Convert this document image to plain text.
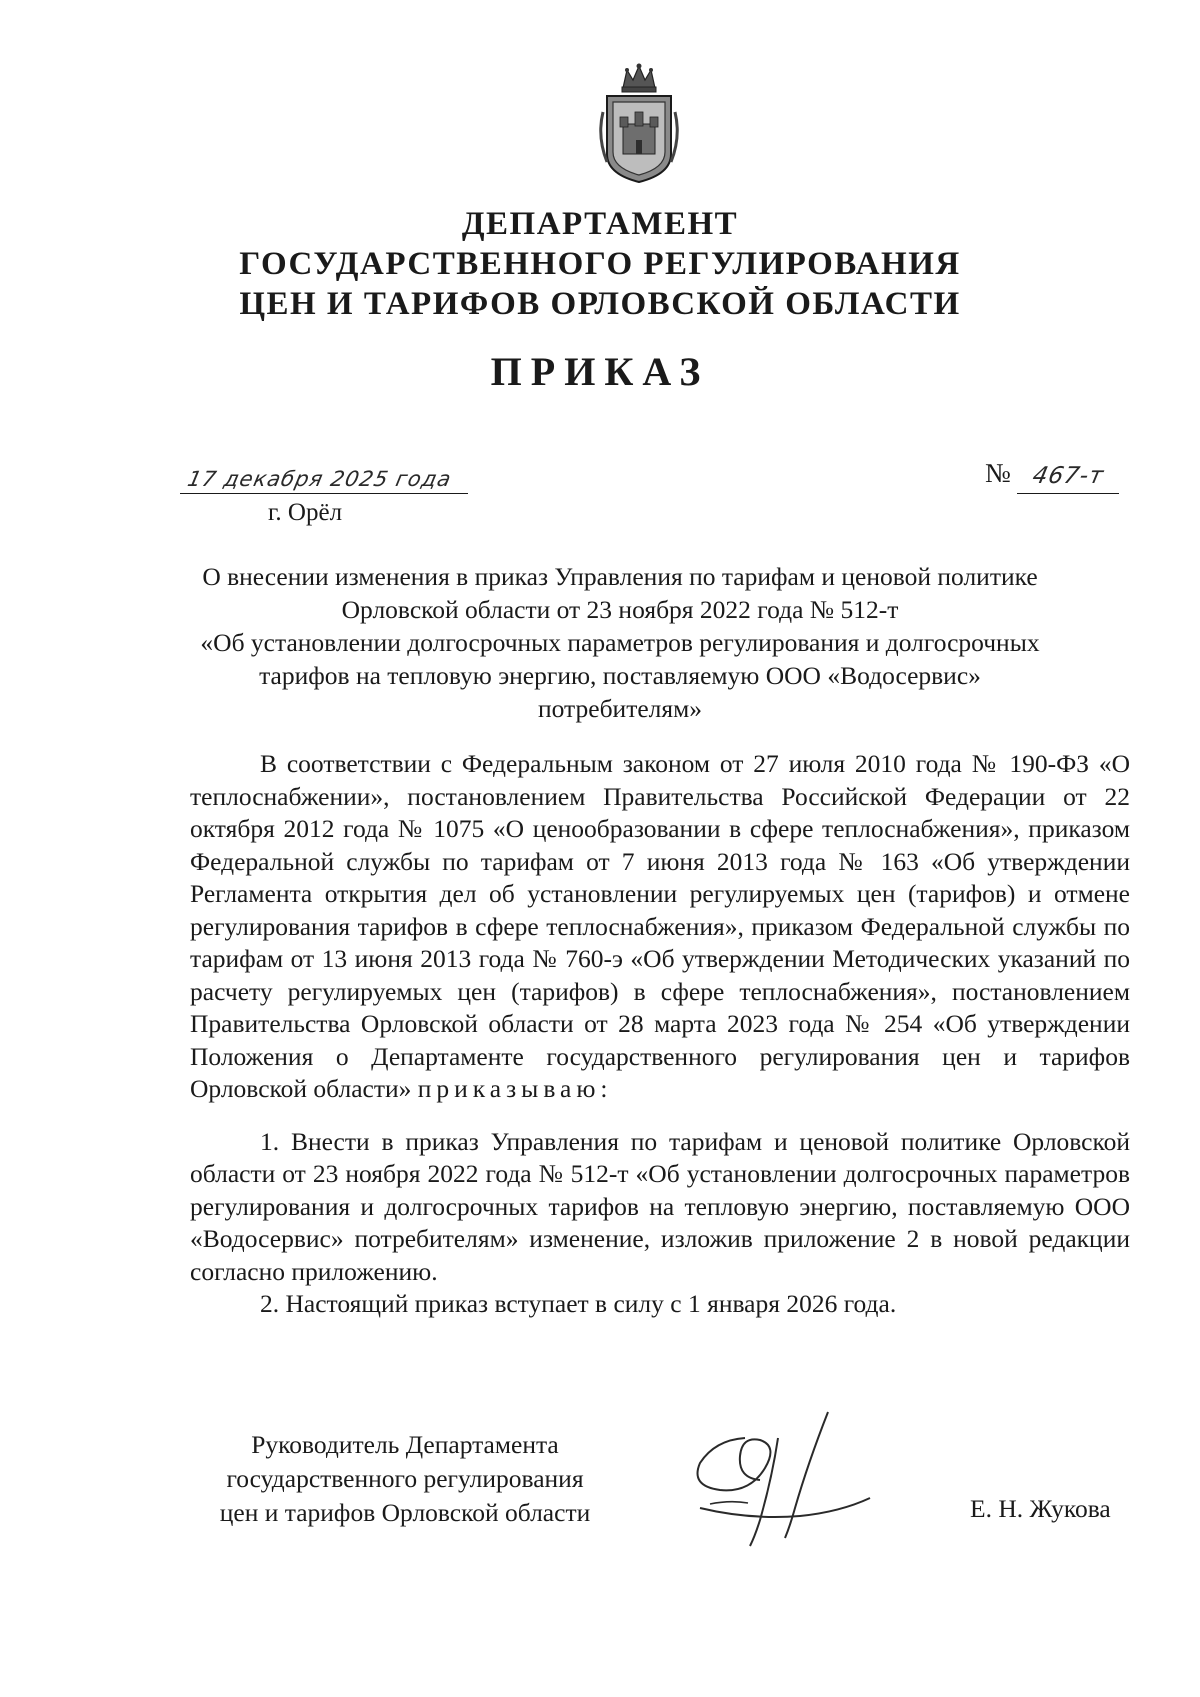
ДЕПАРТАМЕНТ
ГОСУДАРСТВЕННОГО РЕГУЛИРОВАНИЯ
ЦЕН И ТАРИФОВ ОРЛОВСКОЙ ОБЛАСТИ
ПРИКАЗ
17 декабря 2025 года
г. Орёл
№ 467-т
О внесении изменения в приказ Управления по тарифам и ценовой политике
Орловской области от 23 ноября 2022 года № 512-т
«Об установлении долгосрочных параметров регулирования и долгосрочных
тарифов на тепловую энергию, поставляемую ООО «Водосервис»
потребителям»

В соответствии с Федеральным законом от 27 июля 2010 года № 190-ФЗ «О теплоснабжении», постановлением Правительства Российской Федерации от 22 октября 2012 года № 1075 «О ценообразовании в сфере теплоснабжения», приказом Федеральной службы по тарифам от 7 июня 2013 года № 163 «Об утверждении Регламента открытия дел об установлении регулируемых цен (тарифов) и отмене регулирования тарифов в сфере теплоснабжения», приказом Федеральной службы по тарифам от 13 июня 2013 года № 760-э «Об утверждении Методических указаний по расчету регулируемых цен (тарифов) в сфере теплоснабжения», постановлением Правительства Орловской области от 28 марта 2023 года № 254 «Об утверждении Положения о Департаменте государственного регулирования цен и тарифов Орловской области» приказываю:

1. Внести в приказ Управления по тарифам и ценовой политике Орловской области от 23 ноября 2022 года № 512-т «Об установлении долгосрочных параметров регулирования и долгосрочных тарифов на тепловую энергию, поставляемую ООО «Водосервис» потребителям» изменение, изложив приложение 2 в новой редакции согласно приложению.

2. Настоящий приказ вступает в силу с 1 января 2026 года.

Руководитель Департамента
государственного регулирования
цен и тарифов Орловской области	Е. Н. Жукова
